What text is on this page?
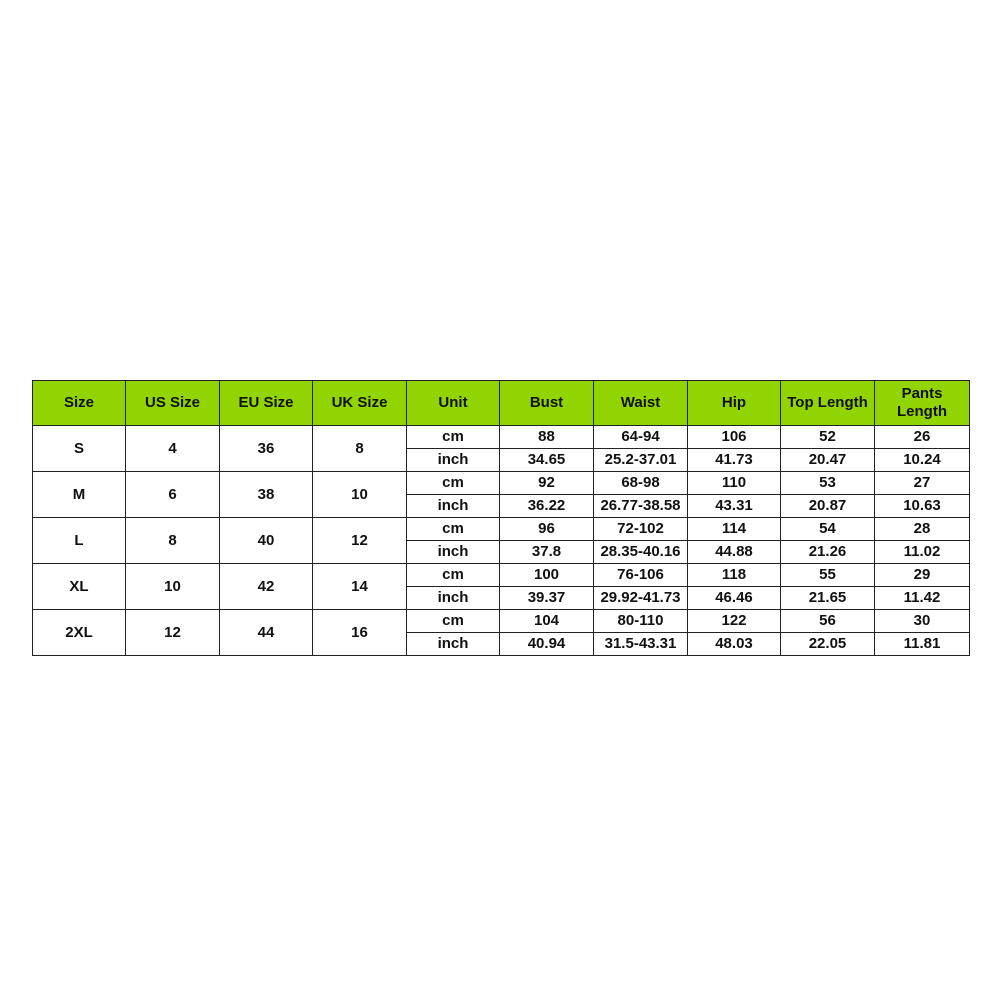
Size	US Size	EU Size	UK Size	Unit	Bust	Waist	Hip	Top Length	Pants Length
S	4	36	8	cm	88	64-94	106	52	26
				inch	34.65	25.2-37.01	41.73	20.47	10.24
M	6	38	10	cm	92	68-98	110	53	27
				inch	36.22	26.77-38.58	43.31	20.87	10.63
L	8	40	12	cm	96	72-102	114	54	28
				inch	37.8	28.35-40.16	44.88	21.26	11.02
XL	10	42	14	cm	100	76-106	118	55	29
				inch	39.37	29.92-41.73	46.46	21.65	11.42
2XL	12	44	16	cm	104	80-110	122	56	30
				inch	40.94	31.5-43.31	48.03	22.05	11.81
